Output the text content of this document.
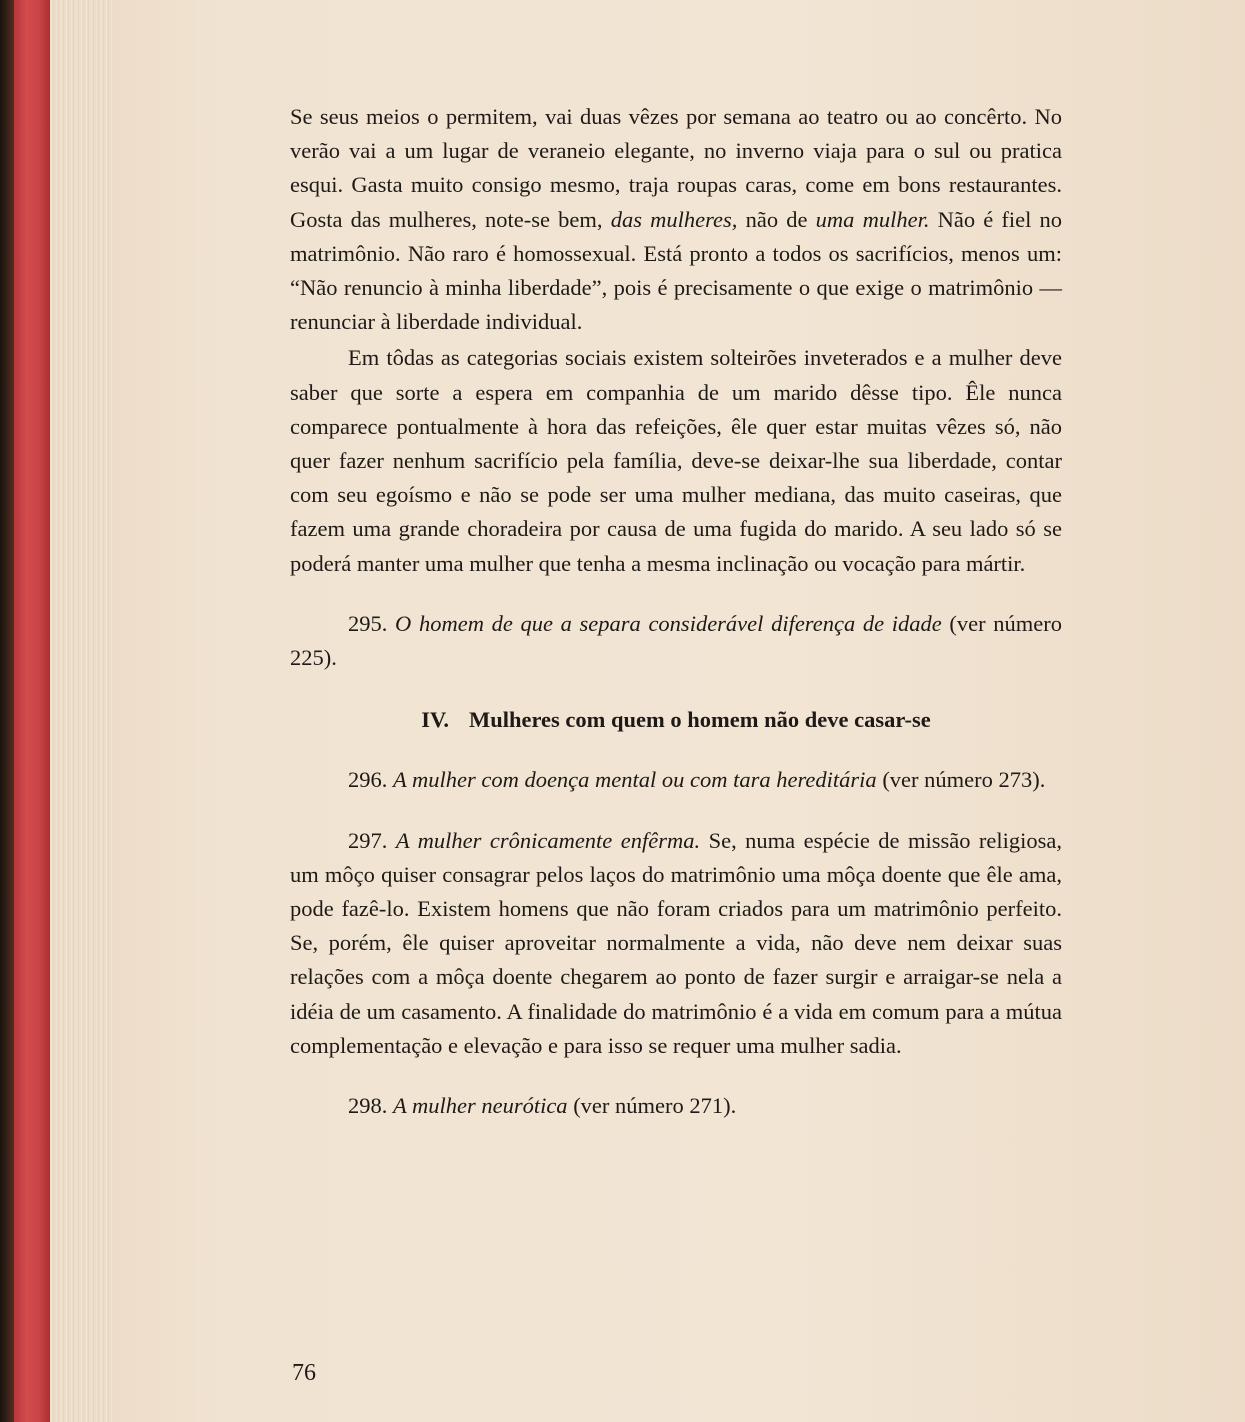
Se seus meios o permitem, vai duas vêzes por semana ao teatro ou ao concêrto. No verão vai a um lugar de veraneio elegante, no inverno viaja para o sul ou pratica esqui. Gasta muito consigo mesmo, traja roupas caras, come em bons restaurantes. Gosta das mulheres, note-se bem, das mulheres, não de uma mulher. Não é fiel no matrimônio. Não raro é homossexual. Está pronto a todos os sacrifícios, menos um: “Não renuncio à minha liberdade”, pois é precisamente o que exige o matrimônio — renunciar à liberdade individual.

Em tôdas as categorias sociais existem solteirões inveterados e a mulher deve saber que sorte a espera em companhia de um marido dêsse tipo. Êle nunca comparece pontualmente à hora das refeições, êle quer estar muitas vêzes só, não quer fazer nenhum sacrifício pela família, deve-se deixar-lhe sua liberdade, contar com seu egoísmo e não se pode ser uma mulher mediana, das muito caseiras, que fazem uma grande choradeira por causa de uma fugida do marido. A seu lado só se poderá manter uma mulher que tenha a mesma inclinação ou vocação para mártir.

295. O homem de que a separa considerável diferença de idade (ver número 225).

IV. Mulheres com quem o homem não deve casar-se

296. A mulher com doença mental ou com tara hereditária (ver número 273).

297. A mulher crônicamente enfêrma. Se, numa espécie de missão religiosa, um môço quiser consagrar pelos laços do matrimônio uma môça doente que êle ama, pode fazê-lo. Existem homens que não foram criados para um matrimônio perfeito. Se, porém, êle quiser aproveitar normalmente a vida, não deve nem deixar suas relações com a môça doente chegarem ao ponto de fazer surgir e arraigar-se nela a idéia de um casamento. A finalidade do matrimônio é a vida em comum para a mútua complementação e elevação e para isso se requer uma mulher sadia.

298. A mulher neurótica (ver número 271).

76
